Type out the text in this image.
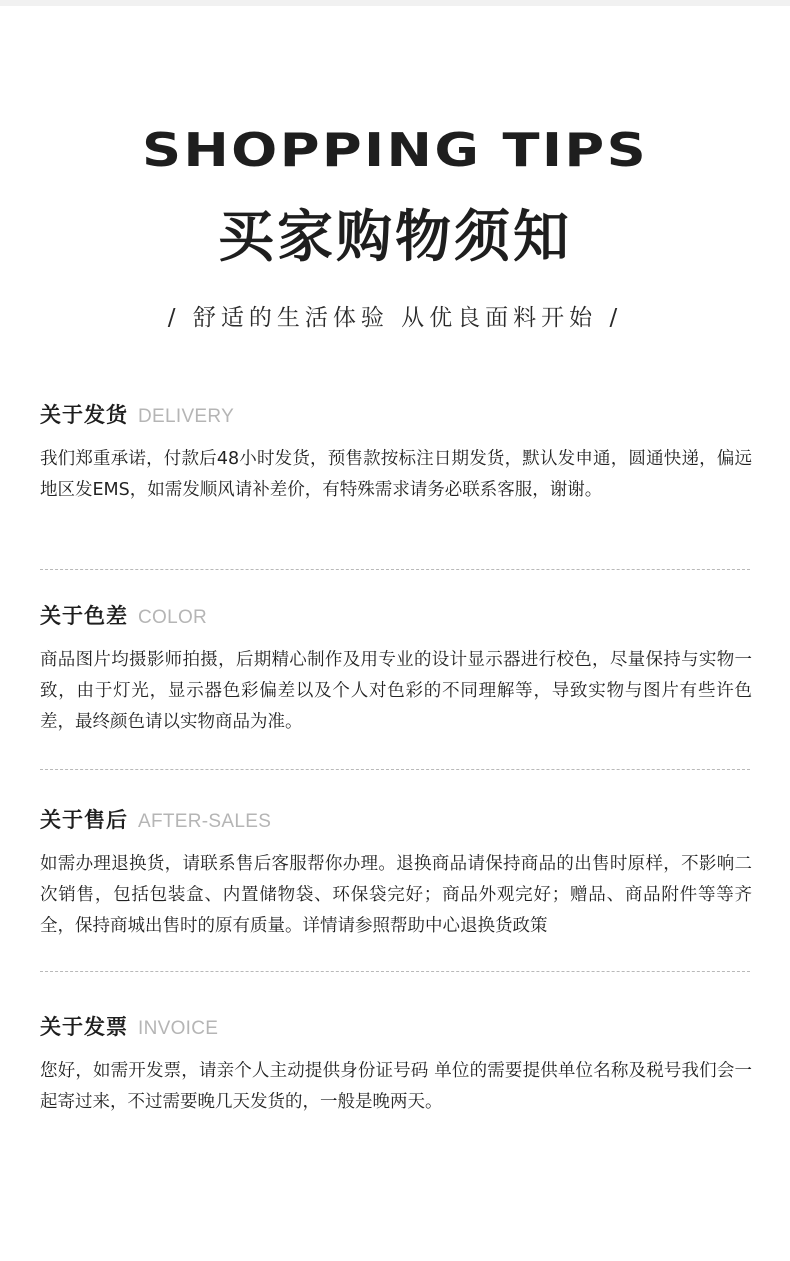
SHOPPING TIPS
买家购物须知
/ 舒适的生活体验 从优良面料开始 /
关于发货 DELIVERY
我们郑重承诺，付款后48小时发货，预售款按标注日期发货，默认发申通，圆通快递，偏远地区发EMS，如需发顺风请补差价，有特殊需求请务必联系客服，谢谢。
关于色差 COLOR
商品图片均摄影师拍摄，后期精心制作及用专业的设计显示器进行校色，尽量保持与实物一致，由于灯光，显示器色彩偏差以及个人对色彩的不同理解等，导致实物与图片有些许色差，最终颜色请以实物商品为准。
关于售后 AFTER-SALES
如需办理退换货，请联系售后客服帮你办理。退换商品请保持商品的出售时原样，不影响二次销售，包括包装盒、内置储物袋、环保袋完好；商品外观完好；赠品、商品附件等等齐全，保持商城出售时的原有质量。详情请参照帮助中心退换货政策
关于发票 INVOICE
您好，如需开发票，请亲个人主动提供身份证号码 单位的需要提供单位名称及税号我们会一起寄过来，不过需要晚几天发货的，一般是晚两天。
